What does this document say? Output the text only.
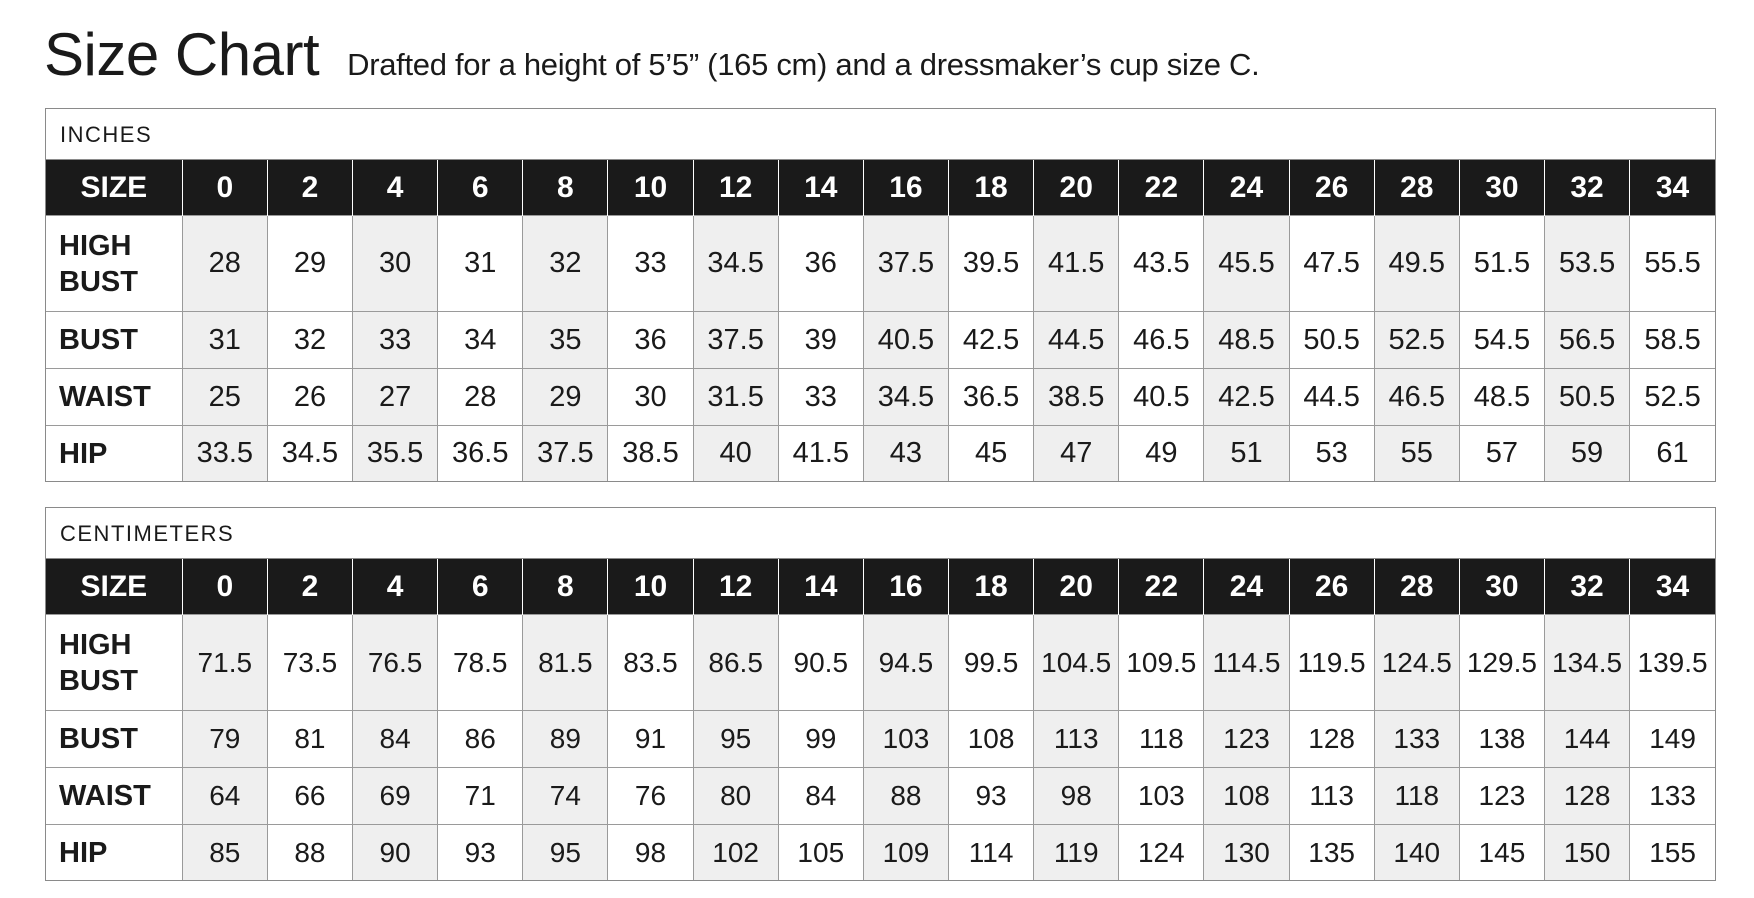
Size Chart Drafted for a height of 5’5” (165 cm) and a dressmaker’s cup size C.
INCHES
SIZE	0	2	4	6	8	10	12	14	16	18	20	22	24	26	28	30	32	34
HIGH
BUST	28	29	30	31	32	33	34.5	36	37.5	39.5	41.5	43.5	45.5	47.5	49.5	51.5	53.5	55.5
BUST	31	32	33	34	35	36	37.5	39	40.5	42.5	44.5	46.5	48.5	50.5	52.5	54.5	56.5	58.5
WAIST	25	26	27	28	29	30	31.5	33	34.5	36.5	38.5	40.5	42.5	44.5	46.5	48.5	50.5	52.5
HIP	33.5	34.5	35.5	36.5	37.5	38.5	40	41.5	43	45	47	49	51	53	55	57	59	61
CENTIMETERS
SIZE	0	2	4	6	8	10	12	14	16	18	20	22	24	26	28	30	32	34
HIGH
BUST	71.5	73.5	76.5	78.5	81.5	83.5	86.5	90.5	94.5	99.5	104.5	109.5	114.5	119.5	124.5	129.5	134.5	139.5
BUST	79	81	84	86	89	91	95	99	103	108	113	118	123	128	133	138	144	149
WAIST	64	66	69	71	74	76	80	84	88	93	98	103	108	113	118	123	128	133
HIP	85	88	90	93	95	98	102	105	109	114	119	124	130	135	140	145	150	155
